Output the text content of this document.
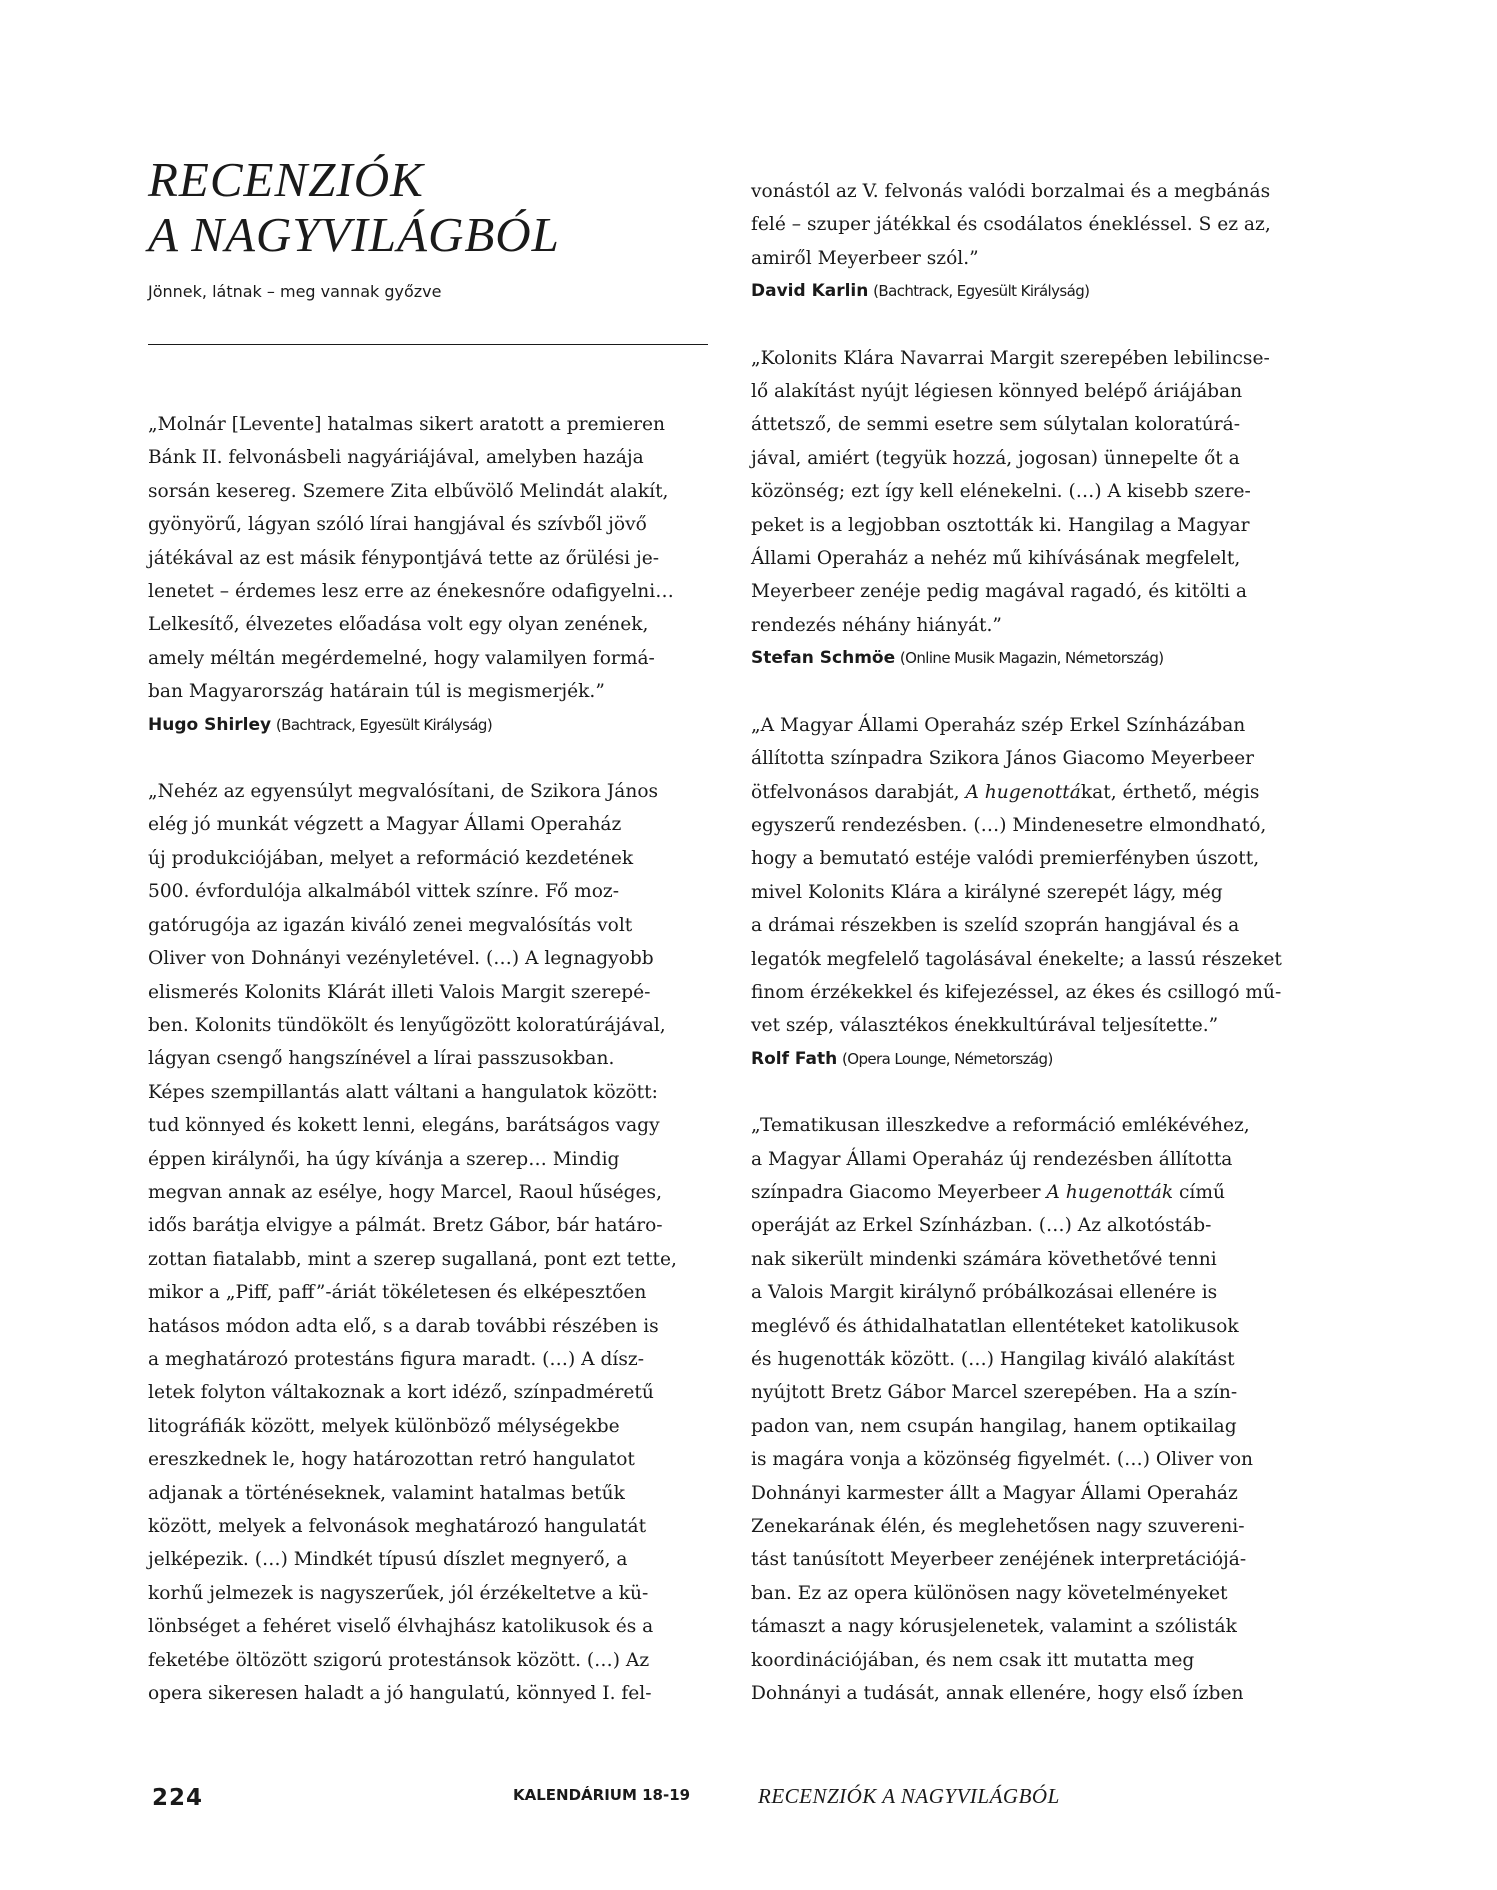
RECENZIÓK
A NAGYVILÁGBÓL
Jönnek, látnak – meg vannak győzve

„Molnár [Levente] hatalmas sikert aratott a premieren
Bánk II. felvonásbeli nagyáriájával, amelyben hazája
sorsán kesereg. Szemere Zita elbűvölő Melindát alakít,
gyönyörű, lágyan szóló lírai hangjával és szívből jövő
játékával az est másik fénypontjává tette az őrülési je-
lenetet – érdemes lesz erre az énekesnőre odafigyelni…
Lelkesítő, élvezetes előadása volt egy olyan zenének,
amely méltán megérdemelné, hogy valamilyen formá-
ban Magyarország határain túl is megismerjék.”

Hugo Shirley (Bachtrack, Egyesült Királyság)

„Nehéz az egyensúlyt megvalósítani, de Szikora János
elég jó munkát végzett a Magyar Állami Operaház
új produkciójában, melyet a reformáció kezdetének
500. évfordulója alkalmából vittek színre. Fő moz-
gatórugója az igazán kiváló zenei megvalósítás volt
Oliver von Dohnányi vezényletével. (…) A legnagyobb
elismerés Kolonits Klárát illeti Valois Margit szerepé-
ben. Kolonits tündökölt és lenyűgözött koloratúrájával,
lágyan csengő hangszínével a lírai passzusokban.
Képes szempillantás alatt váltani a hangulatok között:
tud könnyed és kokett lenni, elegáns, barátságos vagy
éppen királynői, ha úgy kívánja a szerep… Mindig
megvan annak az esélye, hogy Marcel, Raoul hűséges,
idős barátja elvigye a pálmát. Bretz Gábor, bár határo-
zottan fiatalabb, mint a szerep sugallaná, pont ezt tette,
mikor a „Piff, paff”-áriát tökéletesen és elképesztően
hatásos módon adta elő, s a darab további részében is
a meghatározó protestáns figura maradt. (…) A dísz-
letek folyton váltakoznak a kort idéző, színpadméretű
litográfiák között, melyek különböző mélységekbe
ereszkednek le, hogy határozottan retró hangulatot
adjanak a történéseknek, valamint hatalmas betűk
között, melyek a felvonások meghatározó hangulatát
jelképezik. (…) Mindkét típusú díszlet megnyerő, a
korhű jelmezek is nagyszerűek, jól érzékeltetve a kü-
lönbséget a fehéret viselő élvhajhász katolikusok és a
feketébe öltözött szigorú protestánsok között. (…) Az
opera sikeresen haladt a jó hangulatú, könnyed I. fel-

vonástól az V. felvonás valódi borzalmai és a megbánás
felé – szuper játékkal és csodálatos énekléssel. S ez az,
amiről Meyerbeer szól.”

David Karlin (Bachtrack, Egyesült Királyság)

„Kolonits Klára Navarrai Margit szerepében lebilincse-
lő alakítást nyújt légiesen könnyed belépő áriájában
áttetsző, de semmi esetre sem súlytalan koloratúrá-
jával, amiért (tegyük hozzá, jogosan) ünnepelte őt a
közönség; ezt így kell elénekelni. (…) A kisebb szere-
peket is a legjobban osztották ki. Hangilag a Magyar
Állami Operaház a nehéz mű kihívásának megfelelt,
Meyerbeer zenéje pedig magával ragadó, és kitölti a
rendezés néhány hiányát.”

Stefan Schmöe (Online Musik Magazin, Németország)

„A Magyar Állami Operaház szép Erkel Színházában
állította színpadra Szikora János Giacomo Meyerbeer
ötfelvonásos darabját, A hugenottákat, érthető, mégis
egyszerű rendezésben. (…) Mindenesetre elmondható,
hogy a bemutató estéje valódi premierfényben úszott,
mivel Kolonits Klára a királyné szerepét lágy, még
a drámai részekben is szelíd szoprán hangjával és a
legatók megfelelő tagolásával énekelte; a lassú részeket
finom érzékekkel és kifejezéssel, az ékes és csillogó mű-
vet szép, választékos énekkultúrával teljesítette.”

Rolf Fath (Opera Lounge, Németország)

„Tematikusan illeszkedve a reformáció emlékévéhez,
a Magyar Állami Operaház új rendezésben állította
színpadra Giacomo Meyerbeer A hugenották című
operáját az Erkel Színházban. (…) Az alkotóstáb-
nak sikerült mindenki számára követhetővé tenni
a Valois Margit királynő próbálkozásai ellenére is
meglévő és áthidalhatatlan ellentéteket katolikusok
és hugenották között. (…) Hangilag kiváló alakítást
nyújtott Bretz Gábor Marcel szerepében. Ha a szín-
padon van, nem csupán hangilag, hanem optikailag
is magára vonja a közönség figyelmét. (…) Oliver von
Dohnányi karmester állt a Magyar Állami Operaház
Zenekarának élén, és meglehetősen nagy szuvereni-
tást tanúsított Meyerbeer zenéjének interpretációjá-
ban. Ez az opera különösen nagy követelményeket
támaszt a nagy kórusjelenetek, valamint a szólisták
koordinációjában, és nem csak itt mutatta meg
Dohnányi a tudását, annak ellenére, hogy első ízben

224	KALENDÁRIUM 18-19	RECENZIÓK A NAGYVILÁGBÓL
